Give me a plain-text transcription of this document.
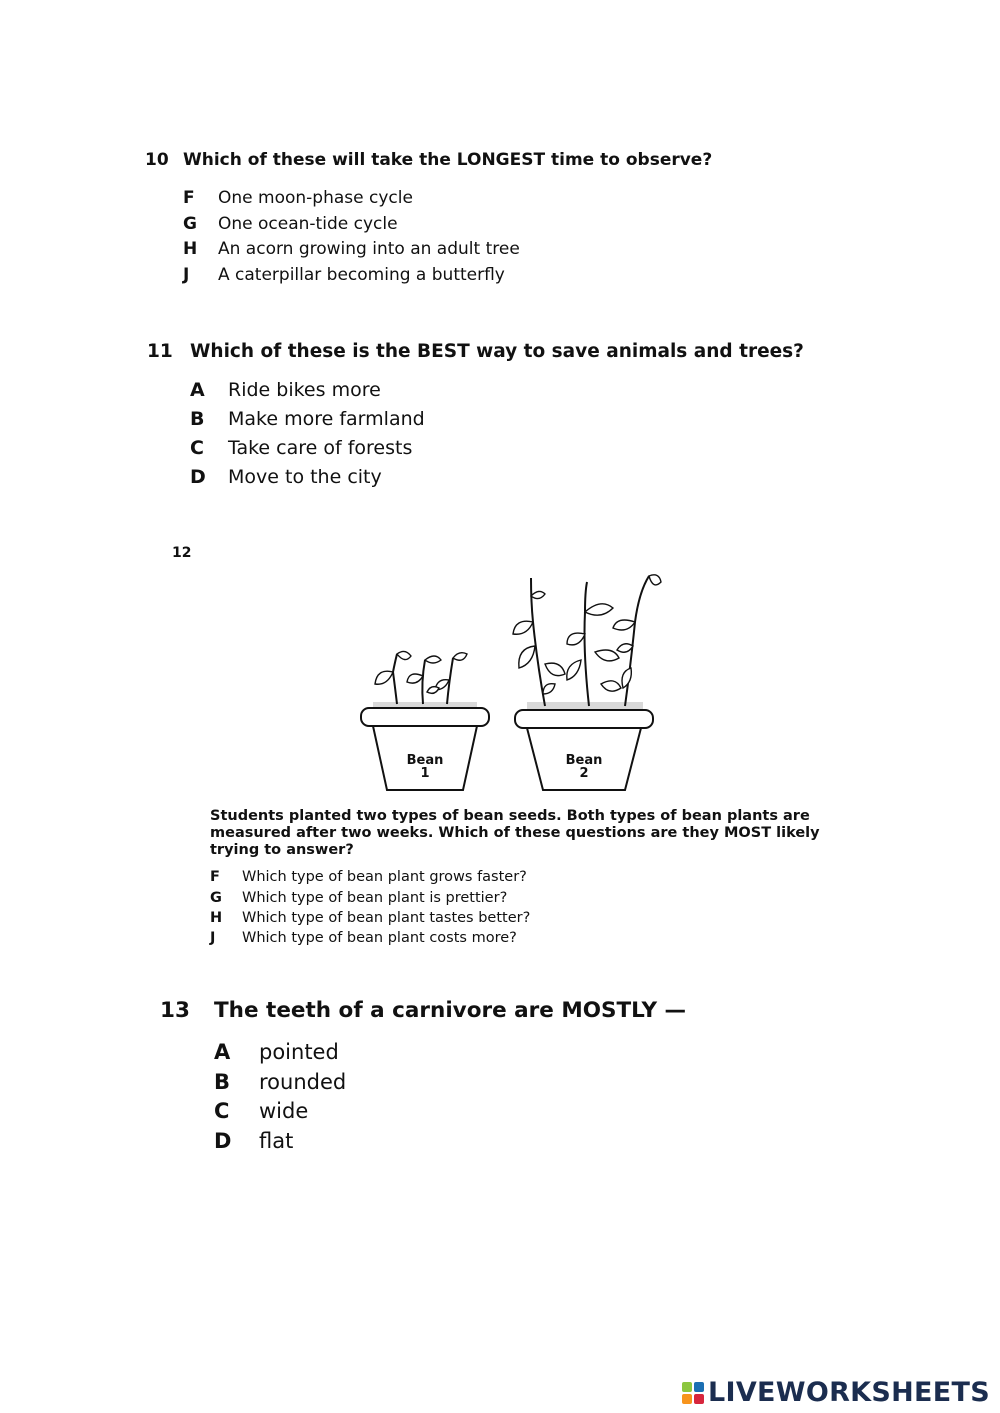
10 Which of these will take the LONGEST time to observe?
F One moon-phase cycle
G One ocean-tide cycle
H An acorn growing into an adult tree
J A caterpillar becoming a butterfly
11 Which of these is the BEST way to save animals and trees?
A Ride bikes more
B Make more farmland
C Take care of forests
D Move to the city
12
Bean
1
Bean
2
Students planted two types of bean seeds. Both types of bean plants are measured after two weeks. Which of these questions are they MOST likely trying to answer?
F Which type of bean plant grows faster?
G Which type of bean plant is prettier?
H Which type of bean plant tastes better?
J Which type of bean plant costs more?
13 The teeth of a carnivore are MOSTLY —
A pointed
B rounded
C wide
D flat
LIVEWORKSHEETS
